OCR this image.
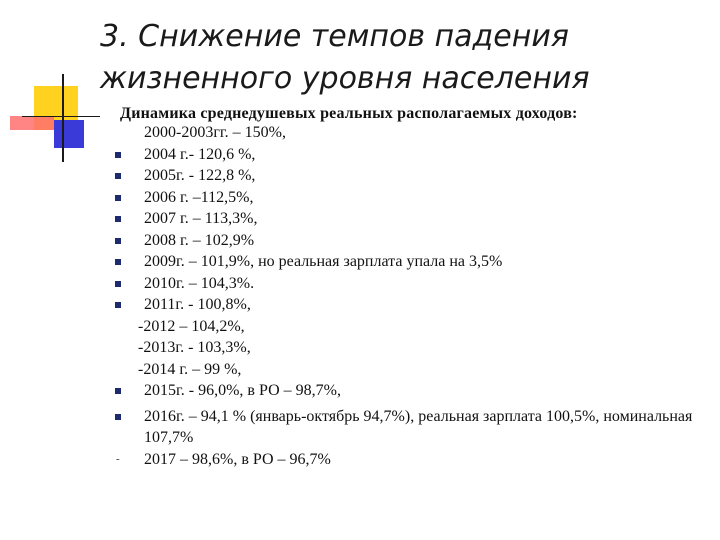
3. Снижение темпов падения
жизненного уровня населения

Динамика среднедушевых реальных располагаемых доходов:

2000-2003гг. – 150%,
2004 г.- 120,6 %,
2005г. - 122,8 %,
2006 г. –112,5%,
2007 г. – 113,3%,
2008 г. – 102,9%
2009г. – 101,9%, но реальная зарплата упала на 3,5%
2010г. – 104,3%.
2011г. - 100,8%,
-2012 – 104,2%,
-2013г. - 103,3%,
-2014 г. – 99 %,
2015г. - 96,0%, в РО – 98,7%,
2016г. – 94,1 % (январь-октябрь 94,7%), реальная зарплата 100,5%, номинальная 107,7%
- 2017 – 98,6%, в РО – 96,7%
